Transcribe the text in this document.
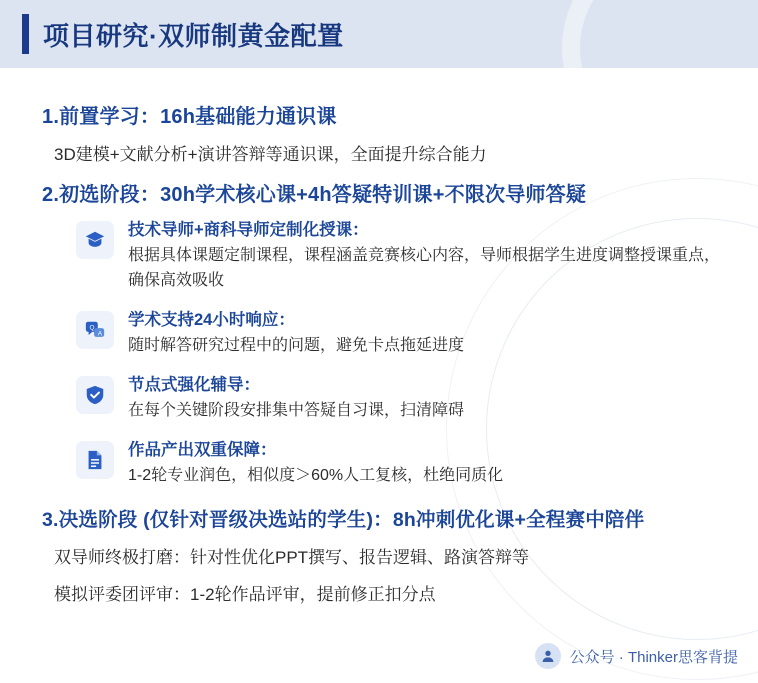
项目研究·双师制黄金配置
1.前置学习：16h基础能力通识课
3D建模+文献分析+演讲答辩等通识课，全面提升综合能力
2.初选阶段：30h学术核心课+4h答疑特训课+不限次导师答疑
技术导师+商科导师定制化授课：
根据具体课题定制课程，课程涵盖竞赛核心内容，导师根据学生进度调整授课重点，确保高效吸收
Q
A
学术支持24小时响应：
随时解答研究过程中的问题，避免卡点拖延进度
节点式强化辅导：
在每个关键阶段安排集中答疑自习课，扫清障碍
作品产出双重保障：
1-2轮专业润色，相似度＞60%人工复核，杜绝同质化
3.决选阶段 (仅针对晋级决选站的学生)：8h冲刺优化课+全程赛中陪伴
双导师终极打磨：针对性优化PPT撰写、报告逻辑、路演答辩等
模拟评委团评审：1-2轮作品评审，提前修正扣分点
公众号 · Thinker思客背提
